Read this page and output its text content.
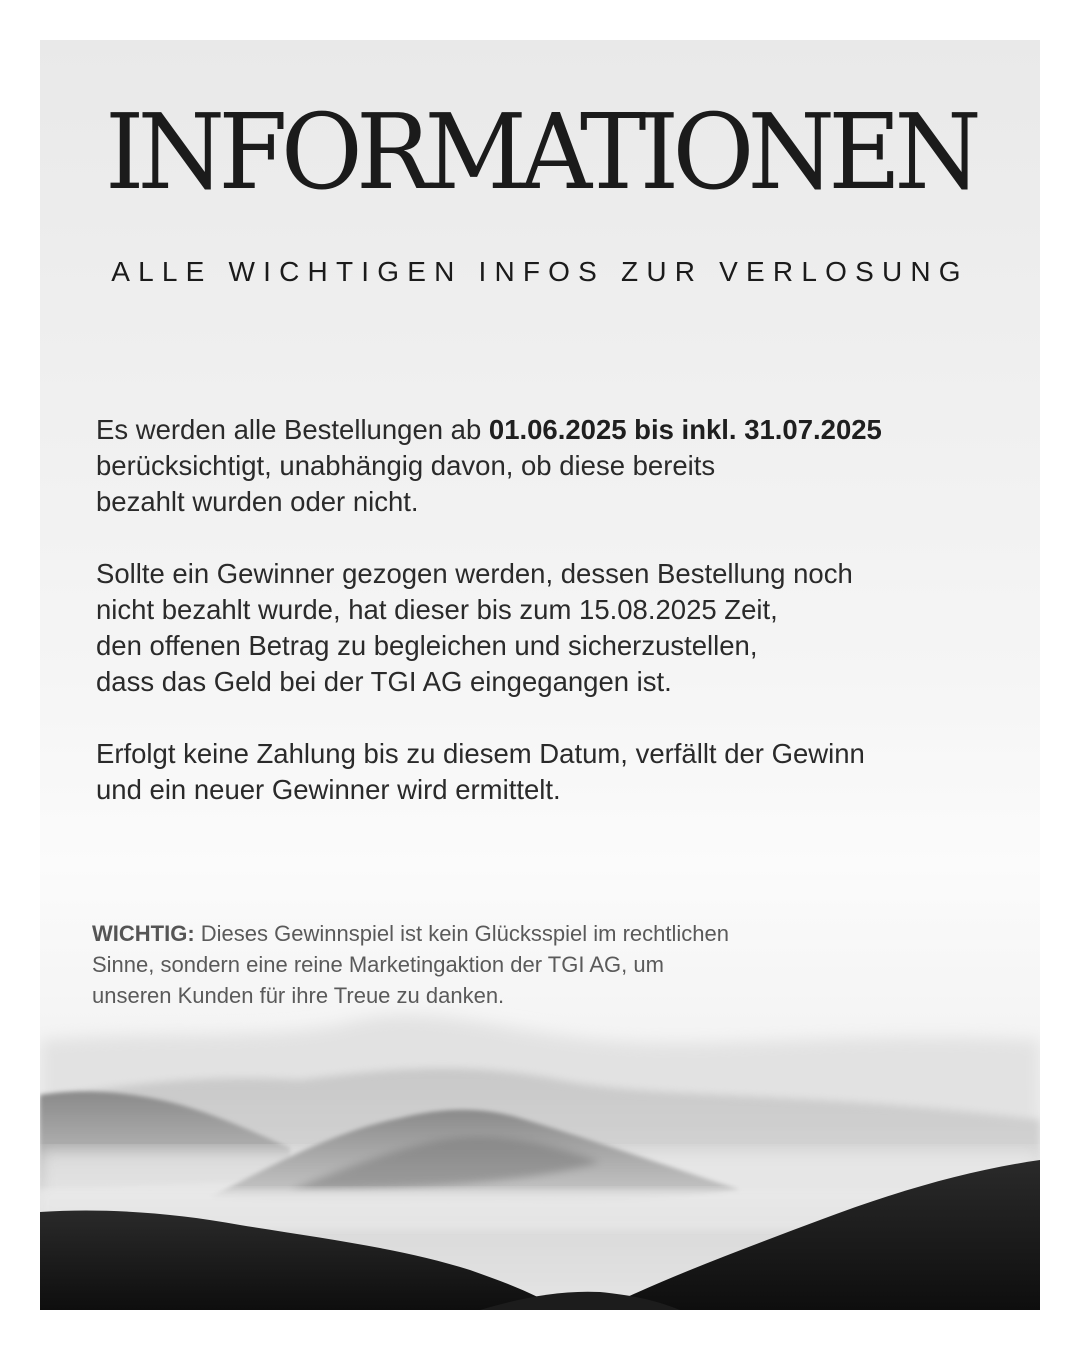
INFORMATIONEN
ALLE WICHTIGEN INFOS ZUR VERLOSUNG
Es werden alle Bestellungen ab 01.06.2025 bis inkl. 31.07.2025
berücksichtigt, unabhängig davon, ob diese bereits
bezahlt wurden oder nicht.
Sollte ein Gewinner gezogen werden, dessen Bestellung noch
nicht bezahlt wurde, hat dieser bis zum 15.08.2025 Zeit,
den offenen Betrag zu begleichen und sicherzustellen,
dass das Geld bei der TGI AG eingegangen ist.
Erfolgt keine Zahlung bis zu diesem Datum, verfällt der Gewinn
und ein neuer Gewinner wird ermittelt.
WICHTIG: Dieses Gewinnspiel ist kein Glücksspiel im rechtlichen
Sinne, sondern eine reine Marketingaktion der TGI AG, um
unseren Kunden für ihre Treue zu danken.
